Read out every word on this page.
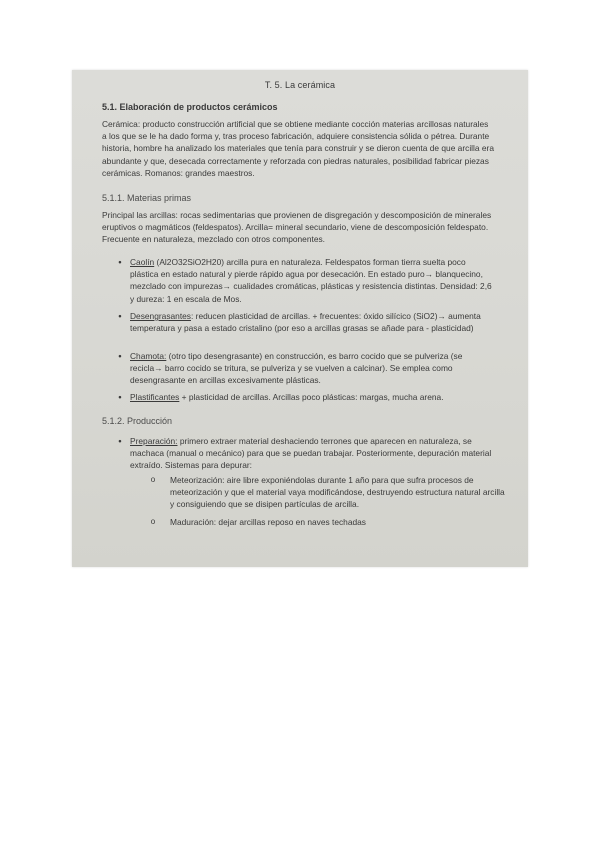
T. 5. La cerámica
5.1. Elaboración de productos cerámicos
Cerámica: producto construcción artificial que se obtiene mediante cocción materias arcillosas naturales a los que se le ha dado forma y, tras proceso fabricación, adquiere consistencia sólida o pétrea. Durante historia, hombre ha analizado los materiales que tenía para construir y se dieron cuenta de que arcilla era abundante y que, desecada correctamente y reforzada con piedras naturales, posibilidad fabricar piezas cerámicas. Romanos: grandes maestros.
5.1.1. Materias primas
Principal las arcillas: rocas sedimentarias que provienen de disgregación y descomposición de minerales eruptivos o magmáticos (feldespatos). Arcilla= mineral secundario, viene de descomposición feldespato. Frecuente en naturaleza, mezclado con otros componentes.
•	Caolín (Al2O32SiO2H20) arcilla pura en naturaleza. Feldespatos forman tierra suelta poco plástica en estado natural y pierde rápido agua por desecación. En estado puro→ blanquecino, mezclado con impurezas→ cualidades cromáticas, plásticas y resistencia distintas. Densidad: 2,6 y dureza: 1 en escala de Mos.
•	Desengrasantes: reducen plasticidad de arcillas. + frecuentes: óxido silícico (SiO2)→ aumenta temperatura y pasa a estado cristalino (por eso a arcillas grasas se añade para - plasticidad)
•	Chamota: (otro tipo desengrasante) en construcción, es barro cocido que se pulveriza (se recicla→ barro cocido se tritura, se pulveriza y se vuelven a calcinar). Se emplea como desengrasante en arcillas excesivamente plásticas.
•	Plastificantes + plasticidad de arcillas. Arcillas poco plásticas: margas, mucha arena.
5.1.2. Producción
•	Preparación: primero extraer material deshaciendo terrones que aparecen en naturaleza, se machaca (manual o mecánico) para que se puedan trabajar. Posteriormente, depuración material extraído. Sistemas para depurar:
o	Meteorización: aire libre exponiéndolas durante 1 año para que sufra procesos de meteorización y que el material vaya modificándose, destruyendo estructura natural arcilla y consiguiendo que se disipen partículas de arcilla.
o	Maduración: dejar arcillas reposo en naves techadas
